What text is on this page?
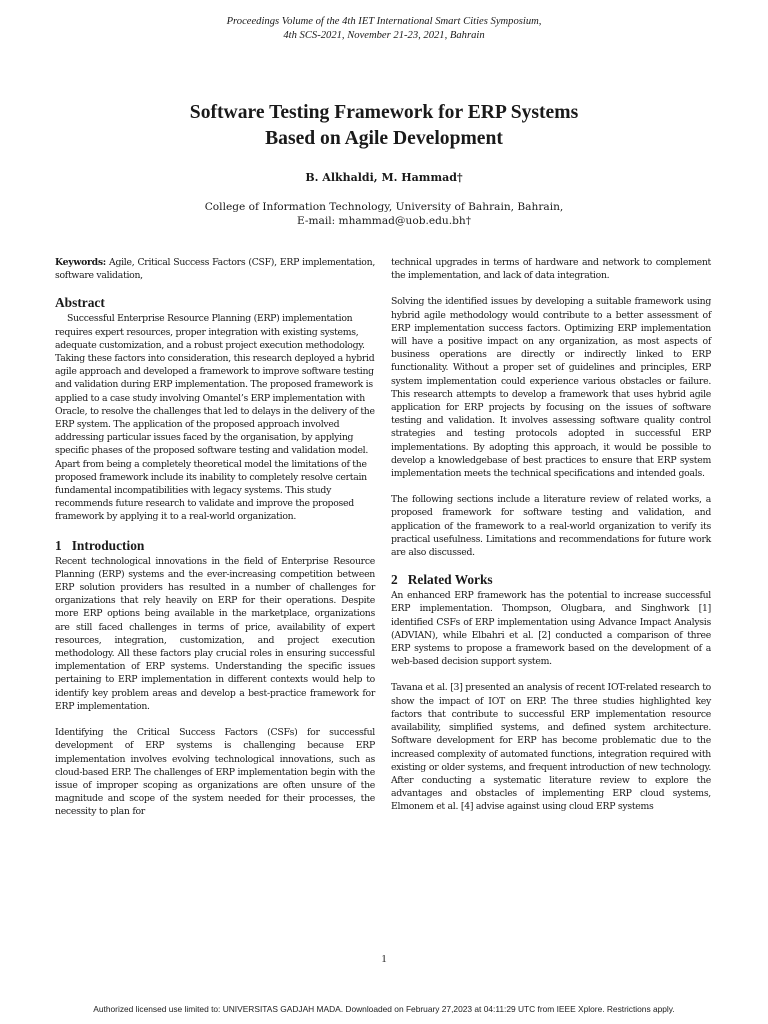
Proceedings Volume of the 4th IET International Smart Cities Symposium,
4th SCS-2021, November 21-23, 2021, Bahrain
Software Testing Framework for ERP Systems
Based on Agile Development
B. Alkhaldi, M. Hammad†
College of Information Technology, University of Bahrain, Bahrain,
E-mail: mhammad@uob.edu.bh†

Keywords: Agile, Critical Success Factors (CSF), ERP implementation, software validation,

Abstract

Successful Enterprise Resource Planning (ERP) implementation requires expert resources, proper integration with existing systems, adequate customization, and a robust project execution methodology. Taking these factors into consideration, this research deployed a hybrid agile approach and developed a framework to improve software testing and validation during ERP implementation. The proposed framework is applied to a case study involving Omantel’s ERP implementation with Oracle, to resolve the challenges that led to delays in the delivery of the ERP system. The application of the proposed approach involved addressing particular issues faced by the organisation, by applying specific phases of the proposed software testing and validation model. Apart from being a completely theoretical model the limitations of the proposed framework include its inability to completely resolve certain fundamental incompatibilities with legacy systems. This study recommends future research to validate and improve the proposed framework by applying it to a real-world organization.

1 Introduction

Recent technological innovations in the field of Enterprise Resource Planning (ERP) systems and the ever-increasing competition between ERP solution providers has resulted in a number of challenges for organizations that rely heavily on ERP for their operations. Despite more ERP options being available in the marketplace, organizations are still faced challenges in terms of price, availability of expert resources, integration, customization, and project execution methodology. All these factors play crucial roles in ensuring successful implementation of ERP systems. Understanding the specific issues pertaining to ERP implementation in different contexts would help to identify key problem areas and develop a best-practice framework for ERP implementation.

Identifying the Critical Success Factors (CSFs) for successful development of ERP systems is challenging because ERP implementation involves evolving technological innovations, such as cloud-based ERP. The challenges of ERP implementation begin with the issue of improper scoping as organizations are often unsure of the magnitude and scope of the system needed for their processes, the necessity to plan for

technical upgrades in terms of hardware and network to complement the implementation, and lack of data integration.

Solving the identified issues by developing a suitable framework using hybrid agile methodology would contribute to a better assessment of ERP implementation success factors. Optimizing ERP implementation will have a positive impact on any organization, as most aspects of business operations are directly or indirectly linked to ERP functionality. Without a proper set of guidelines and principles, ERP system implementation could experience various obstacles or failure. This research attempts to develop a framework that uses hybrid agile application for ERP projects by focusing on the issues of software testing and validation. It involves assessing software quality control strategies and testing protocols adopted in successful ERP implementations. By adopting this approach, it would be possible to develop a knowledgebase of best practices to ensure that ERP system implementation meets the technical specifications and intended goals.

The following sections include a literature review of related works, a proposed framework for software testing and validation, and application of the framework to a real-world organization to verify its practical usefulness. Limitations and recommendations for future work are also discussed.

2 Related Works

An enhanced ERP framework has the potential to increase successful ERP implementation. Thompson, Olugbara, and Singhwork [1] identified CSFs of ERP implementation using Advance Impact Analysis (ADVIAN), while Elbahri et al. [2] conducted a comparison of three ERP systems to propose a framework based on the development of a web-based decision support system.

Tavana et al. [3] presented an analysis of recent IOT-related research to show the impact of IOT on ERP. The three studies highlighted key factors that contribute to successful ERP implementation resource availability, simplified systems, and defined system architecture. Software development for ERP has become problematic due to the increased complexity of automated functions, integration required with existing or older systems, and frequent introduction of new technology. After conducting a systematic literature review to explore the advantages and obstacles of implementing ERP cloud systems, Elmonem et al. [4] advise against using cloud ERP systems

1
Authorized licensed use limited to: UNIVERSITAS GADJAH MADA. Downloaded on February 27,2023 at 04:11:29 UTC from IEEE Xplore. Restrictions apply.
